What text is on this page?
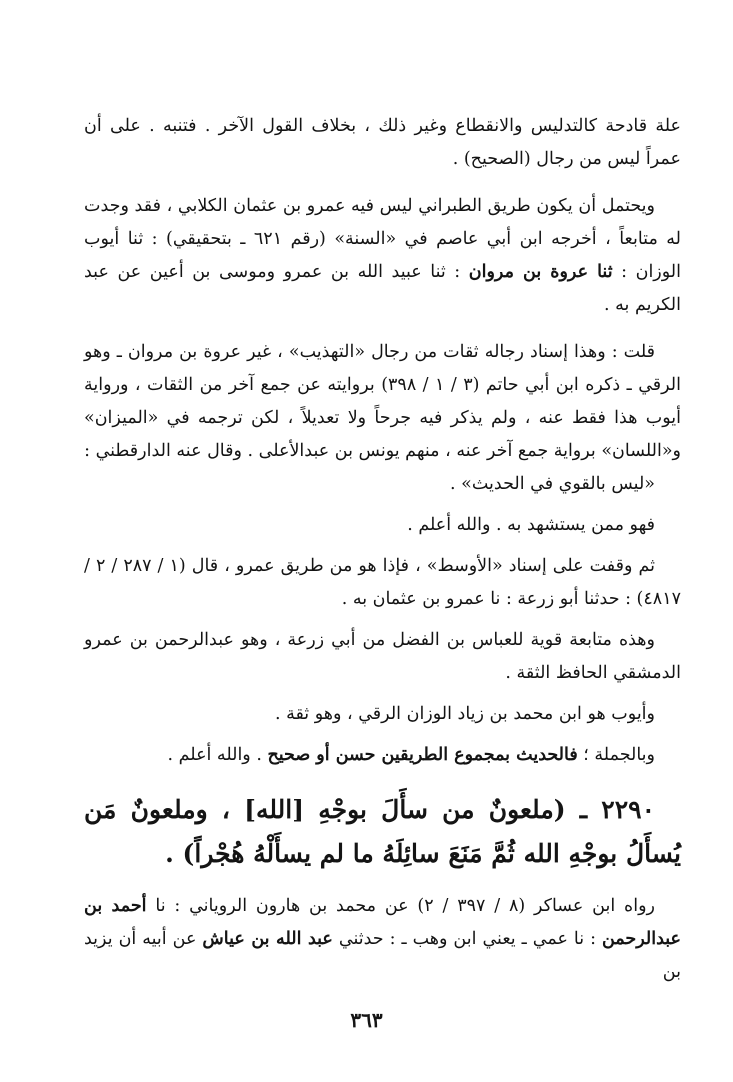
علة قادحة كالتدليس والانقطاع وغير ذلك ، بخلاف القول الآخر . فتنبه . على أن عمراً ليس من رجال (الصحيح) .

ويحتمل أن يكون طريق الطبراني ليس فيه عمرو بن عثمان الكلابي ، فقد وجدت له متابعاً ، أخرجه ابن أبي عاصم في «السنة» (رقم ٦٢١ ـ بتحقيقي) : ثنا أيوب الوزان : ثنا عروة بن مروان : ثنا عبيد الله بن عمرو وموسى بن أعين عن عبد الكريم به .

قلت : وهذا إسناد رجاله ثقات من رجال «التهذيب» ، غير عروة بن مروان ـ وهو الرقي ـ ذكره ابن أبي حاتم (٣ / ١ / ٣٩٨) بروايته عن جمع آخر من الثقات ، ورواية أيوب هذا فقط عنه ، ولم يذكر فيه جرحاً ولا تعديلاً ، لكن ترجمه في «الميزان» و«اللسان» برواية جمع آخر عنه ، منهم يونس بن عبدالأعلى . وقال عنه الدارقطني :

«ليس بالقوي في الحديث» .

فهو ممن يستشهد به . والله أعلم .

ثم وقفت على إسناد «الأوسط» ، فإذا هو من طريق عمرو ، قال (١ / ٢٨٧ / ٢ / ٤٨١٧) : حدثنا أبو زرعة : نا عمرو بن عثمان به .

وهذه متابعة قوية للعباس بن الفضل من أبي زرعة ، وهو عبدالرحمن بن عمرو الدمشقي الحافظ الثقة .

وأيوب هو ابن محمد بن زياد الوزان الرقي ، وهو ثقة .

وبالجملة ؛ فالحديث بمجموع الطريقين حسن أو صحيح . والله أعلم .

٢٢٩٠ ـ (ملعونٌ من سأَلَ بوجْهِ [الله] ، وملعونٌ مَن يُسأَلُ بوجْهِ الله ثُمَّ مَنَعَ سائِلَهُ ما لم يسأَلْهُ هُجْراً) .

رواه ابن عساكر (٨ / ٣٩٧ / ٢) عن محمد بن هارون الروياني : نا أحمد بن عبدالرحمن : نا عمي ـ يعني ابن وهب ـ : حدثني عبد الله بن عياش عن أبيه أن يزيد بن

٣٦٣
